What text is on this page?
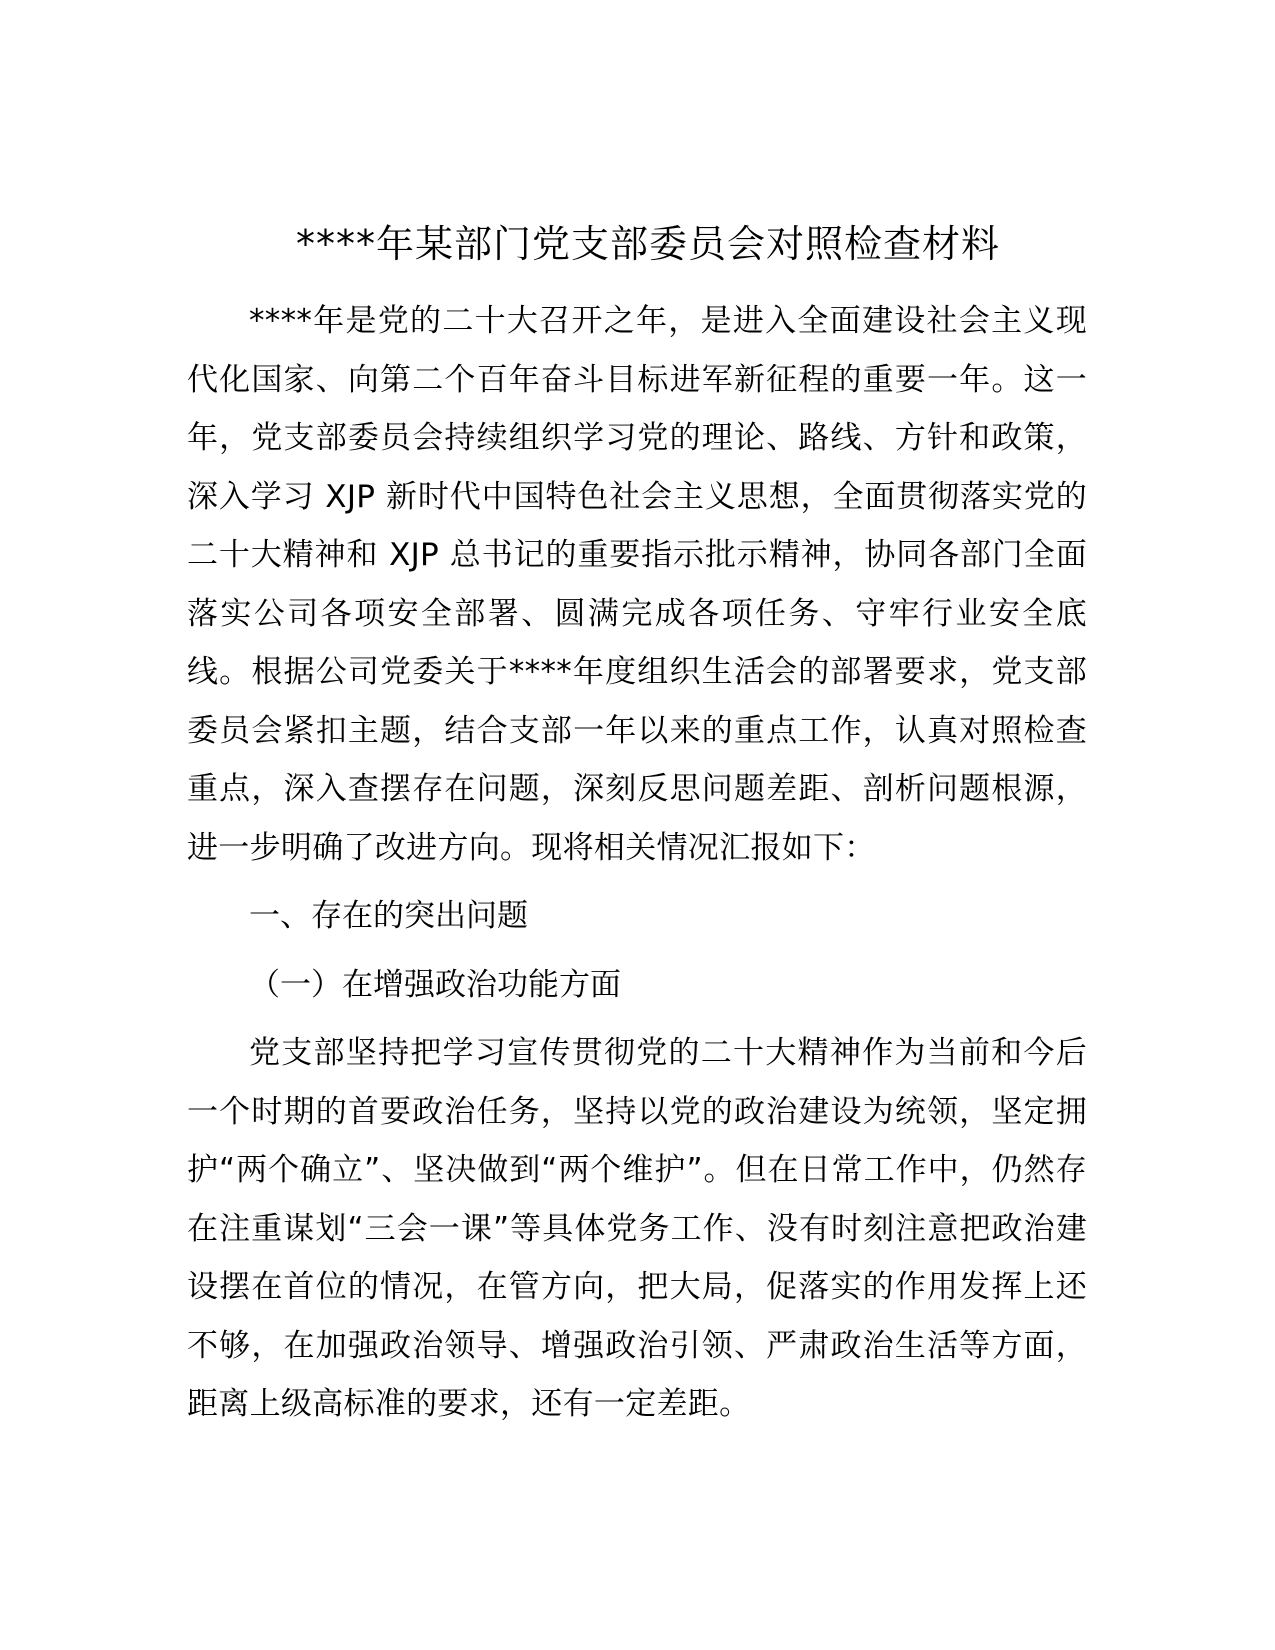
****年某部门党支部委员会对照检查材料

****年是党的二十大召开之年，是进入全面建设社会主义现代化国家、向第二个百年奋斗目标进军新征程的重要一年。这一年，党支部委员会持续组织学习党的理论、路线、方针和政策，深入学习 XJP 新时代中国特色社会主义思想，全面贯彻落实党的二十大精神和 XJP 总书记的重要指示批示精神，协同各部门全面落实公司各项安全部署、圆满完成各项任务、守牢行业安全底线。根据公司党委关于****年度组织生活会的部署要求，党支部委员会紧扣主题，结合支部一年以来的重点工作，认真对照检查重点，深入查摆存在问题，深刻反思问题差距、剖析问题根源，进一步明确了改进方向。现将相关情况汇报如下：

一、存在的突出问题
（一）在增强政治功能方面

党支部坚持把学习宣传贯彻党的二十大精神作为当前和今后一个时期的首要政治任务，坚持以党的政治建设为统领，坚定拥护“两个确立”、坚决做到“两个维护”。但在日常工作中，仍然存在注重谋划“三会一课”等具体党务工作、没有时刻注意把政治建设摆在首位的情况，在管方向，把大局，促落实的作用发挥上还不够，在加强政治领导、增强政治引领、严肃政治生活等方面，距离上级高标准的要求，还有一定差距。
